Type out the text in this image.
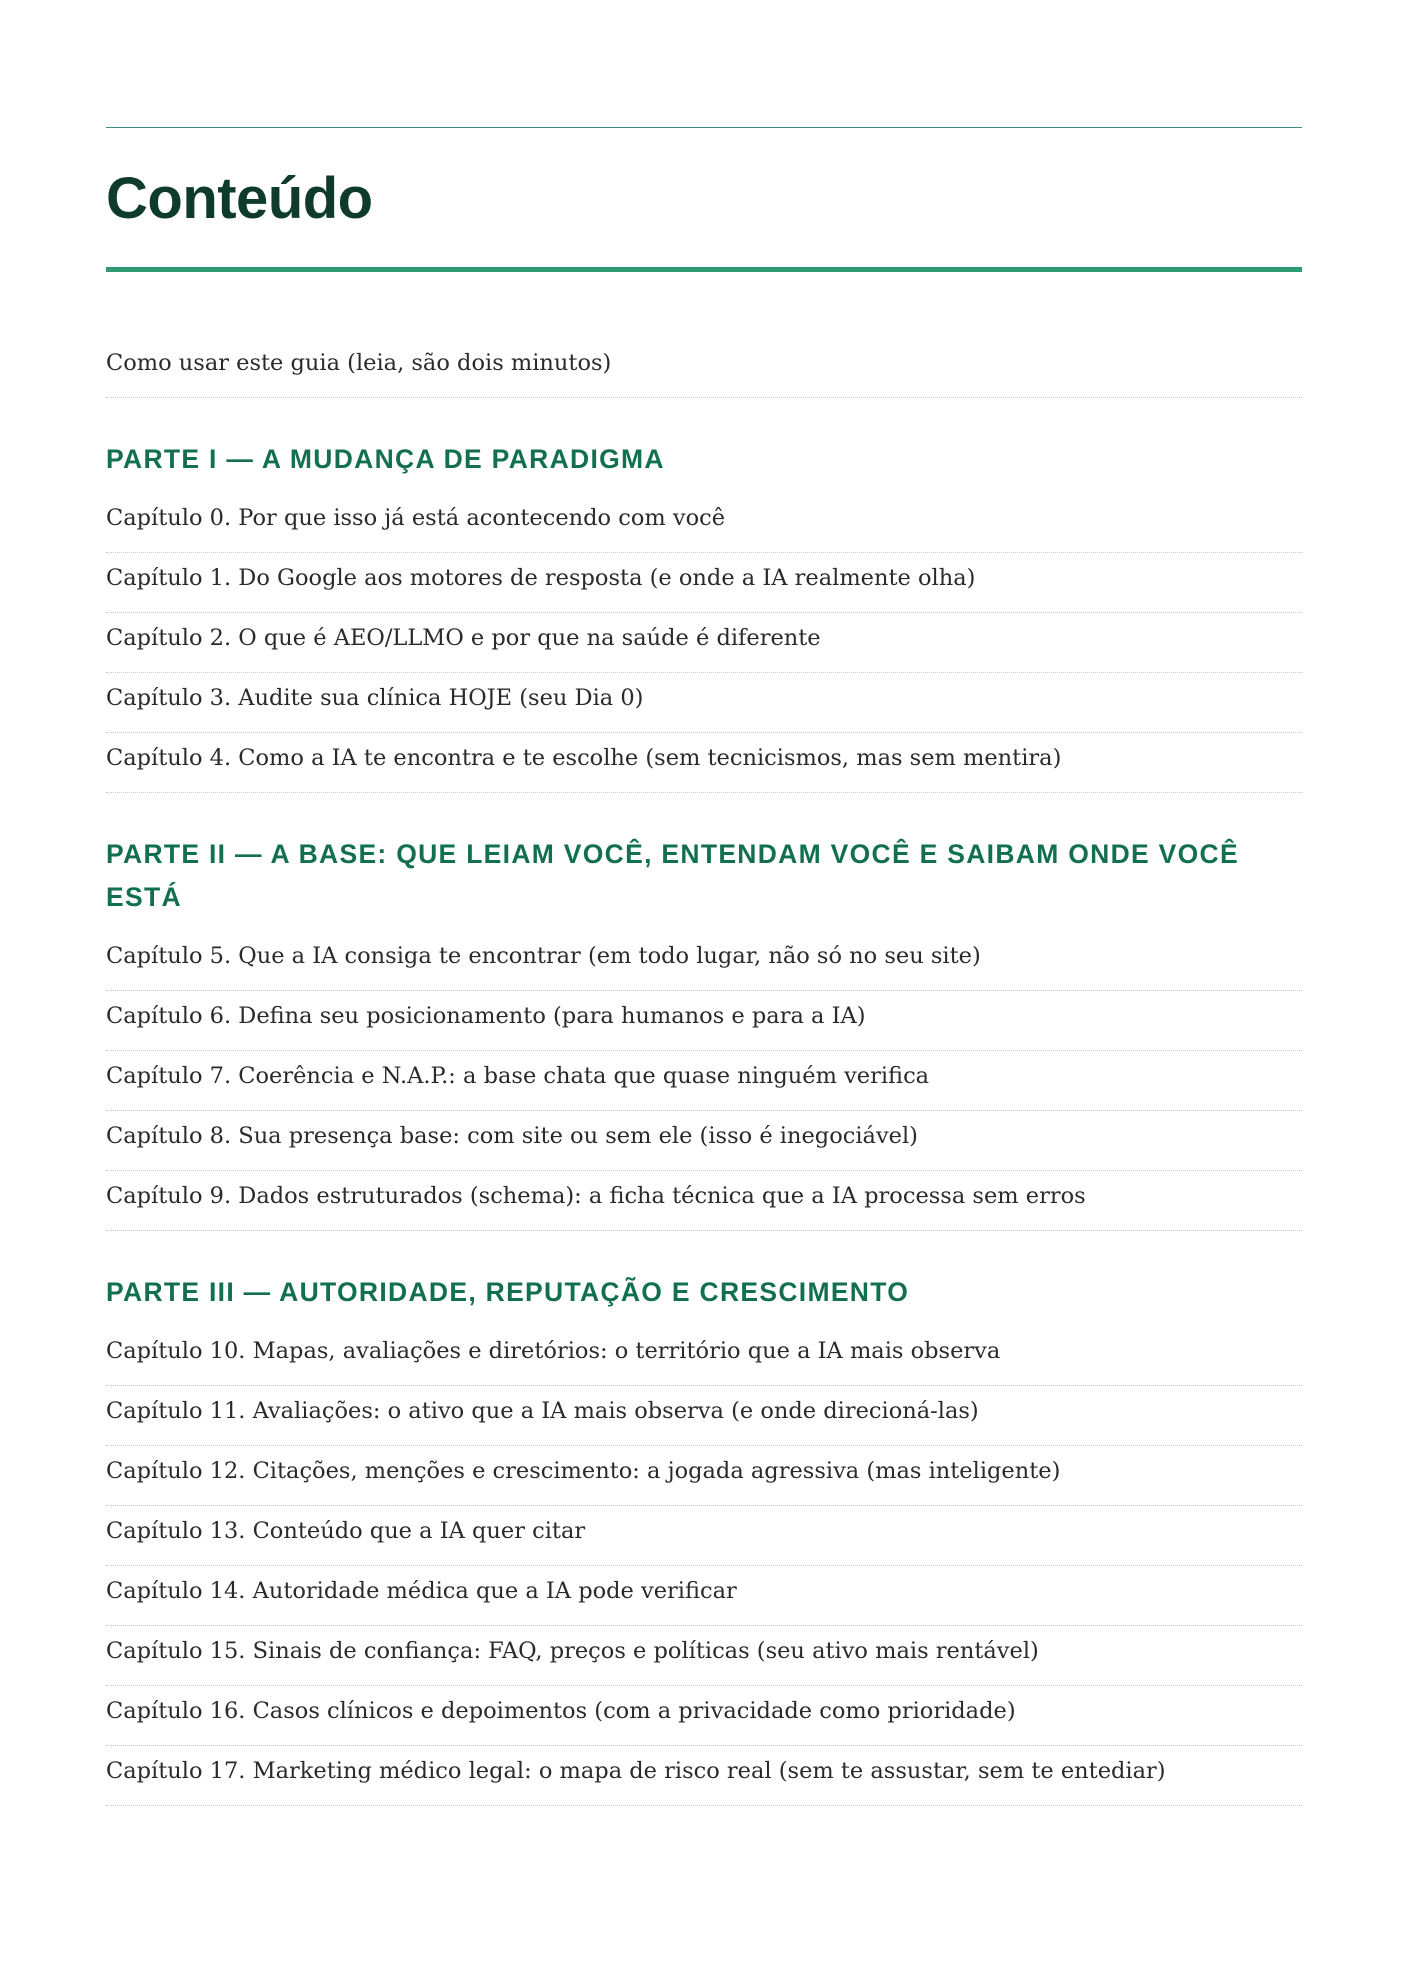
Conteúdo
Como usar este guia (leia, são dois minutos)
PARTE I — A MUDANÇA DE PARADIGMA
Capítulo 0. Por que isso já está acontecendo com você
Capítulo 1. Do Google aos motores de resposta (e onde a IA realmente olha)
Capítulo 2. O que é AEO/LLMO e por que na saúde é diferente
Capítulo 3. Audite sua clínica HOJE (seu Dia 0)
Capítulo 4. Como a IA te encontra e te escolhe (sem tecnicismos, mas sem mentira)
PARTE II — A BASE: QUE LEIAM VOCÊ, ENTENDAM VOCÊ E SAIBAM ONDE VOCÊ ESTÁ
Capítulo 5. Que a IA consiga te encontrar (em todo lugar, não só no seu site)
Capítulo 6. Defina seu posicionamento (para humanos e para a IA)
Capítulo 7. Coerência e N.A.P.: a base chata que quase ninguém verifica
Capítulo 8. Sua presença base: com site ou sem ele (isso é inegociável)
Capítulo 9. Dados estruturados (schema): a ficha técnica que a IA processa sem erros
PARTE III — AUTORIDADE, REPUTAÇÃO E CRESCIMENTO
Capítulo 10. Mapas, avaliações e diretórios: o território que a IA mais observa
Capítulo 11. Avaliações: o ativo que a IA mais observa (e onde direcioná-las)
Capítulo 12. Citações, menções e crescimento: a jogada agressiva (mas inteligente)
Capítulo 13. Conteúdo que a IA quer citar
Capítulo 14. Autoridade médica que a IA pode verificar
Capítulo 15. Sinais de confiança: FAQ, preços e políticas (seu ativo mais rentável)
Capítulo 16. Casos clínicos e depoimentos (com a privacidade como prioridade)
Capítulo 17. Marketing médico legal: o mapa de risco real (sem te assustar, sem te entediar)
